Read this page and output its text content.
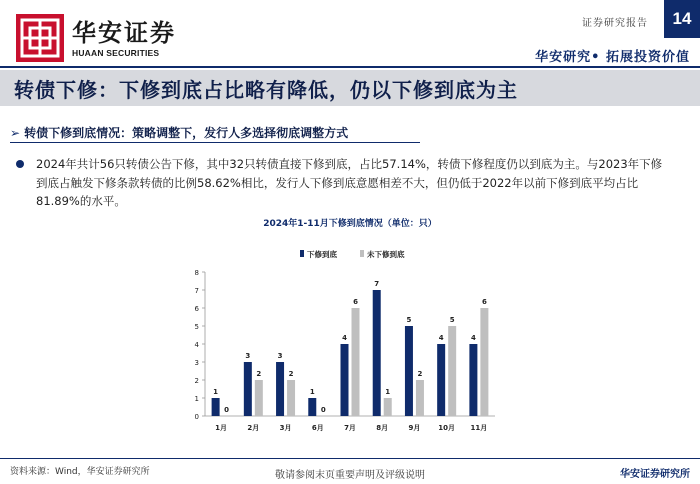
华安证券
HUAAN SECURITIES
证券研究报告	14
华安研究• 拓展投资价值
转债下修：下修到底占比略有降低，仍以下修到底为主
➢ 转债下修到底情况：策略调整下，发行人多选择彻底调整方式
2024年共计56只转债公告下修，其中32只转债直接下修到底，占比57.14%，转债下修程度仍以到底为主。与2023年下修到底占触发下修条款转债的比例58.62%相比，发行人下修到底意愿相差不大，但仍低于2022年以前下修到底平均占比81.89%的水平。
2024年1-11月下修到底情况（单位：只）
下修到底	未下修到底
0
1
2
3
4
5
6
7
8
1
0
1月
3
2
2月
3
2
3月
1
0
6月
4
6
7月
7
1
8月
5
2
9月
4
5
10月
4
6
11月
资料来源：Wind，华安证券研究所	敬请参阅末页重要声明及评级说明	华安证券研究所
